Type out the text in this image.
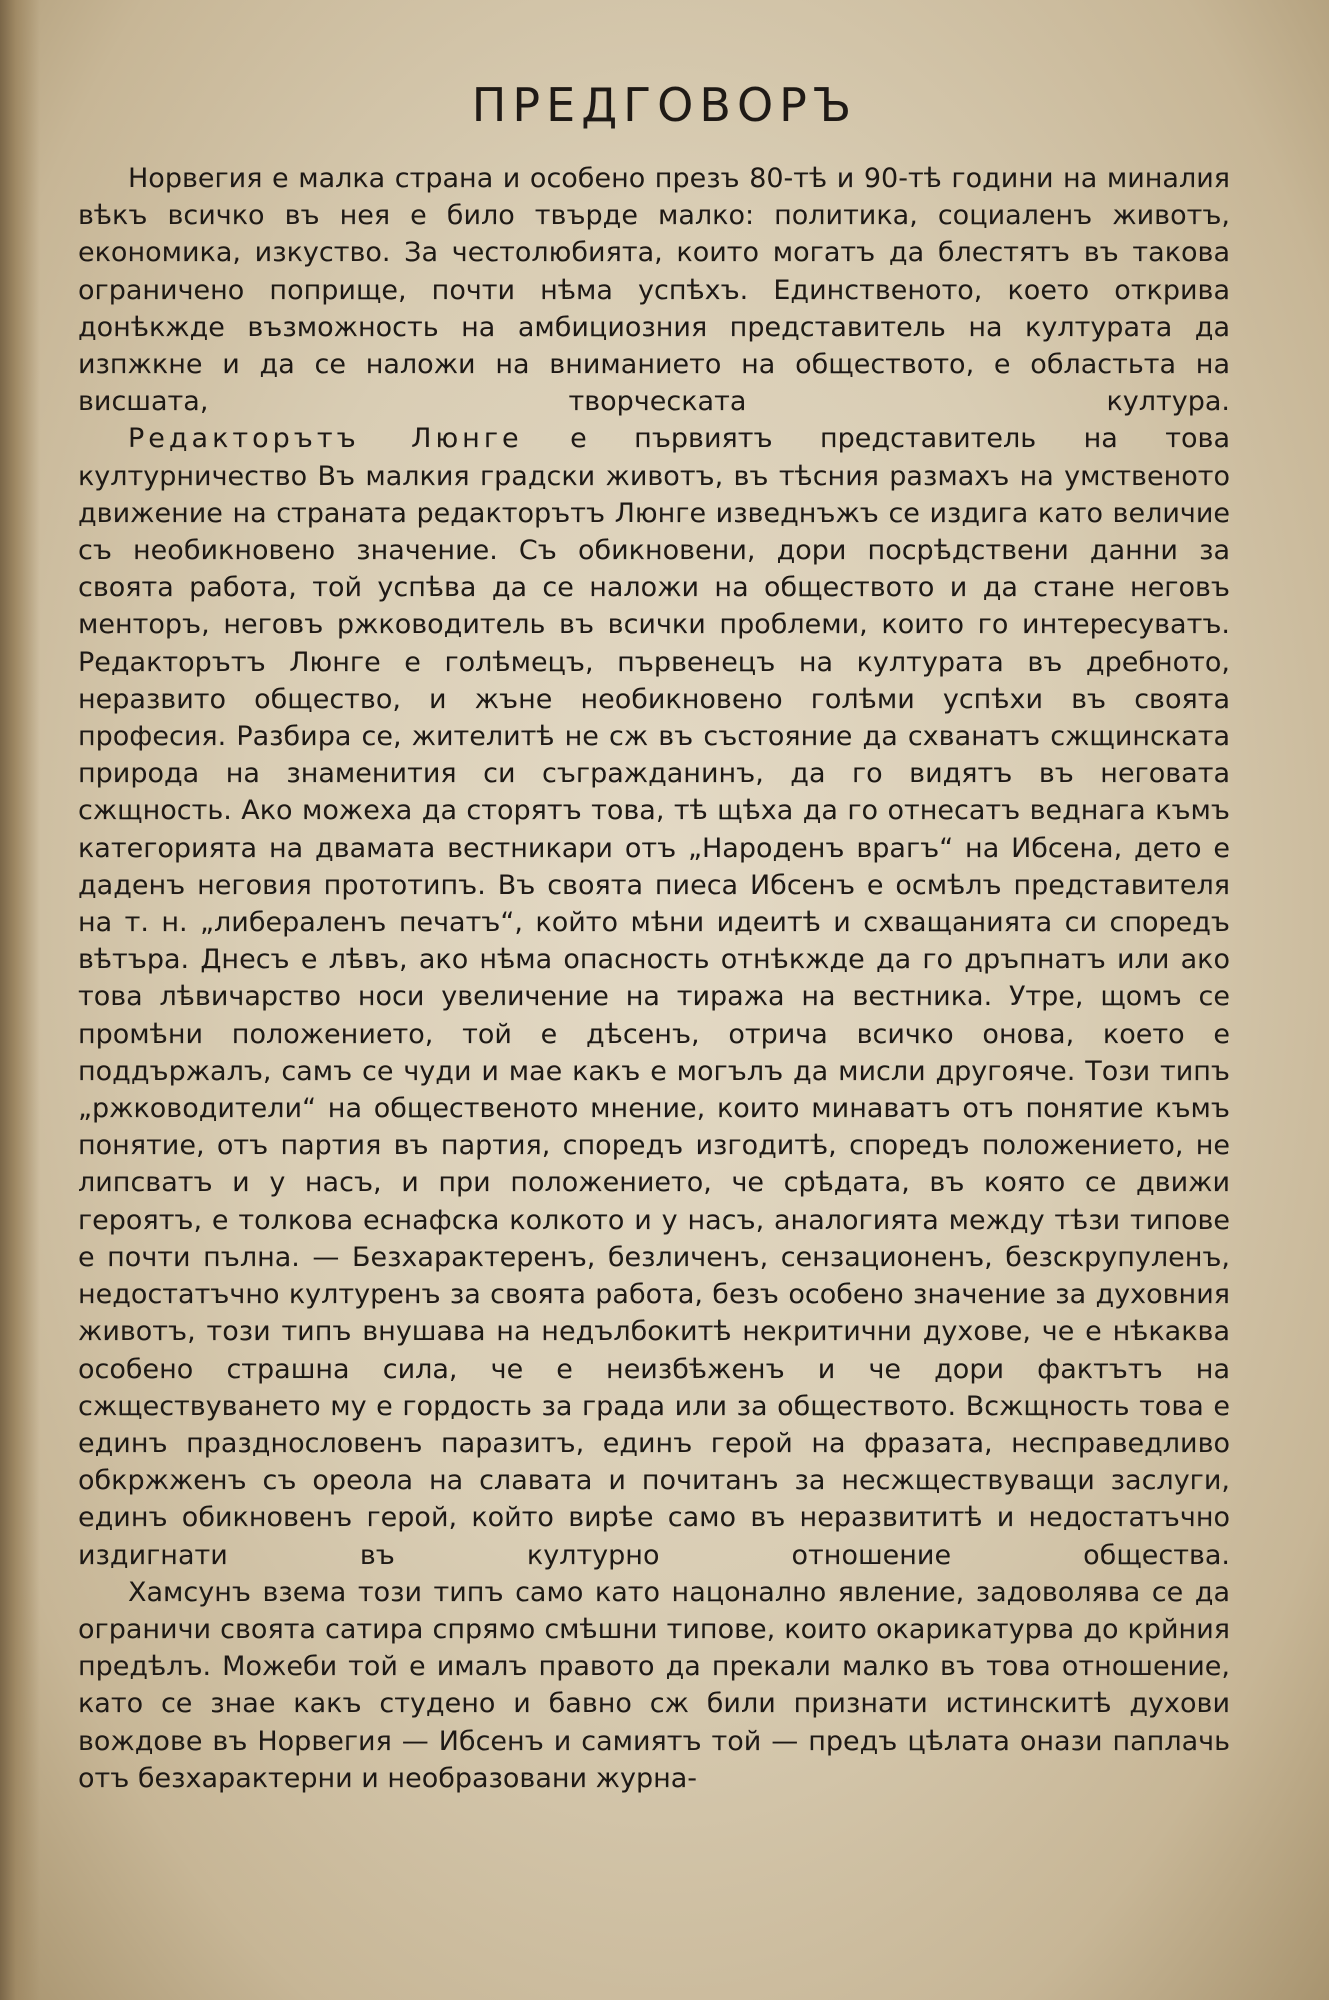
ПРЕДГОВОРЪ

Норвегия е малка страна и особено презъ 80-тѣ и 90-тѣ години на миналия вѣкъ всичко въ нея е било твърде малко: политика, социаленъ животъ, економика, изкуство. За честолюбията, които могатъ да блестятъ въ такова ограничено поприще, почти нѣма успѣхъ. Единственото, което открива донѣкжде възможность на амбициозния представитель на културата да изпжкне и да се наложи на вниманието на обществото, е областьта на висшата, творческата култура.

Редакторътъ Люнге е първиятъ представитель на това културничество Въ малкия градски животъ, въ тѣсния размахъ на умственото движение на страната редакторътъ Люнге изведнъжъ се издига като величие съ необикновено значение. Съ обикновени, дори посрѣдствени данни за своята работа, той успѣва да се наложи на обществото и да стане неговъ менторъ, неговъ ржководитель въ всички проблеми, които го интересуватъ. Редакторътъ Люнге е голѣмецъ, първенецъ на културата въ дребното, неразвито общество, и жъне необикновено голѣми успѣхи въ своята професия. Разбира се, жителитѣ не сж въ състояние да схванатъ сжщинската природа на знаменития си съгражданинъ, да го видятъ въ неговата сжщность. Ако можеха да сторятъ това, тѣ щѣха да го отнесатъ веднага къмъ категорията на двамата вестникари отъ „Народенъ врагъ“ на Ибсена, дето е даденъ неговия прототипъ. Въ своята пиеса Ибсенъ е осмѣлъ представителя на т. н. „либераленъ печатъ“, който мѣни идеитѣ и схващанията си споредъ вѣтъра. Днесъ е лѣвъ, ако нѣма опасность отнѣкжде да го дръпнатъ или ако това лѣвичарство носи увеличение на тиража на вестника. Утре, щомъ се промѣни положението, той е дѣсенъ, отрича всичко онова, което е поддържалъ, самъ се чуди и мае какъ е могълъ да мисли другояче. Този типъ „ржководители“ на общественото мнение, които минаватъ отъ понятие къмъ понятие, отъ партия въ партия, споредъ изгодитѣ, споредъ положението, не липсватъ и у насъ, и при положението, че срѣдата, въ която се движи героятъ, е толкова еснафска колкото и у насъ, аналогията между тѣзи типове е почти пълна. — Безхарактеренъ, безличенъ, сензационенъ, безскрупуленъ, недостатъчно културенъ за своята работа, безъ особено значение за духовния животъ, този типъ внушава на недълбокитѣ некритични духове, че е нѣкаква особено страшна сила, че е неизбѣженъ и че дори фактътъ на сжществуването му е гордость за града или за обществото. Всжщность това е единъ празднословенъ паразитъ, единъ герой на фразата, несправедливо обкржженъ съ ореола на славата и почитанъ за несжществуващи заслуги, единъ обикновенъ герой, който вирѣе само въ неразвититѣ и недостатъчно издигнати въ културно отношение общества.

Хамсунъ взема този типъ само като нацонално явление, задоволява се да ограничи своята сатира спрямо смѣшни типове, които окарикатурва до крйния предѣлъ. Можеби той е ималъ правото да прекали малко въ това отношение, като се знае какъ студено и бавно сж били признати истинскитѣ духови вождове въ Норвегия — Ибсенъ и самиятъ той — предъ цѣлата онази паплачь отъ безхарактерни и необразовани журна-
